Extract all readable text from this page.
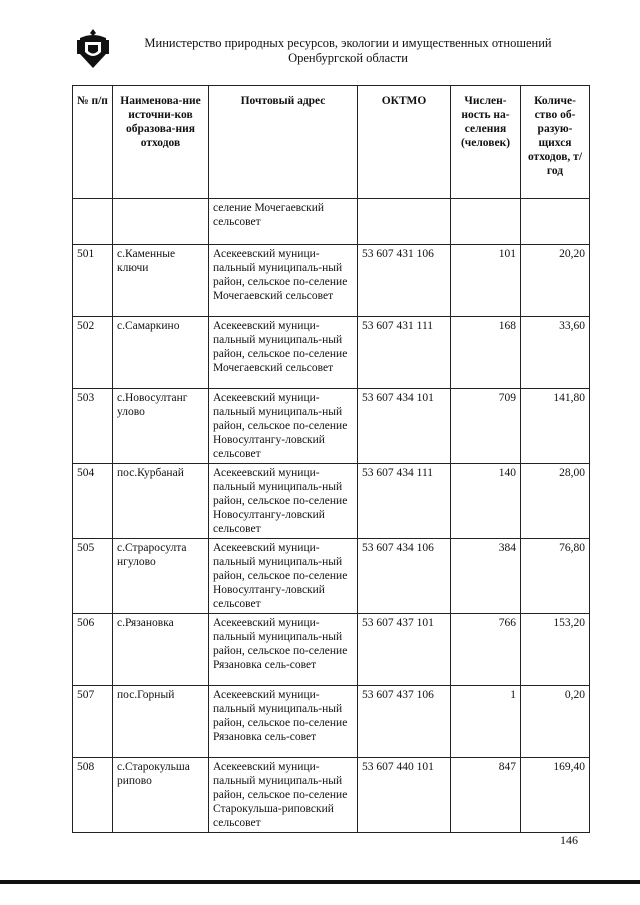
Министерство природных ресурсов, экологии и имущественных отношений
Оренбургской области
№ п/п	Наименова-ние источни-ков образова-ния отходов	Почтовый адрес	ОКТМО	Числен-ность на-селения (человек)	Количе-ство об-разую-щихся отходов, т/год
		селение Мочегаевский сельсовет			
501	с.Каменные ключи	Асекеевский муници-пальный муниципаль-ный район, сельское по-селение Мочегаевский сельсовет	53 607 431 106	101	20,20
502	с.Самаркино	Асекеевский муници-пальный муниципаль-ный район, сельское по-селение Мочегаевский сельсовет	53 607 431 111	168	33,60
503	с.Новосултанг улово	Асекеевский муници-пальный муниципаль-ный район, сельское по-селение Новосултангу-ловский сельсовет	53 607 434 101	709	141,80
504	пос.Курбанай	Асекеевский муници-пальный муниципаль-ный район, сельское по-селение Новосултангу-ловский сельсовет	53 607 434 111	140	28,00
505	с.Страросулта нгулово	Асекеевский муници-пальный муниципаль-ный район, сельское по-селение Новосултангу-ловский сельсовет	53 607 434 106	384	76,80
506	с.Рязановка	Асекеевский муници-пальный муниципаль-ный район, сельское по-селение Рязановка сель-совет	53 607 437 101	766	153,20
507	пос.Горный	Асекеевский муници-пальный муниципаль-ный район, сельское по-селение Рязановка сель-совет	53 607 437 106	1	0,20
508	с.Старокульша рипово	Асекеевский муници-пальный муниципаль-ный район, сельское по-селение Старокульша-риповский сельсовет	53 607 440 101	847	169,40
146
